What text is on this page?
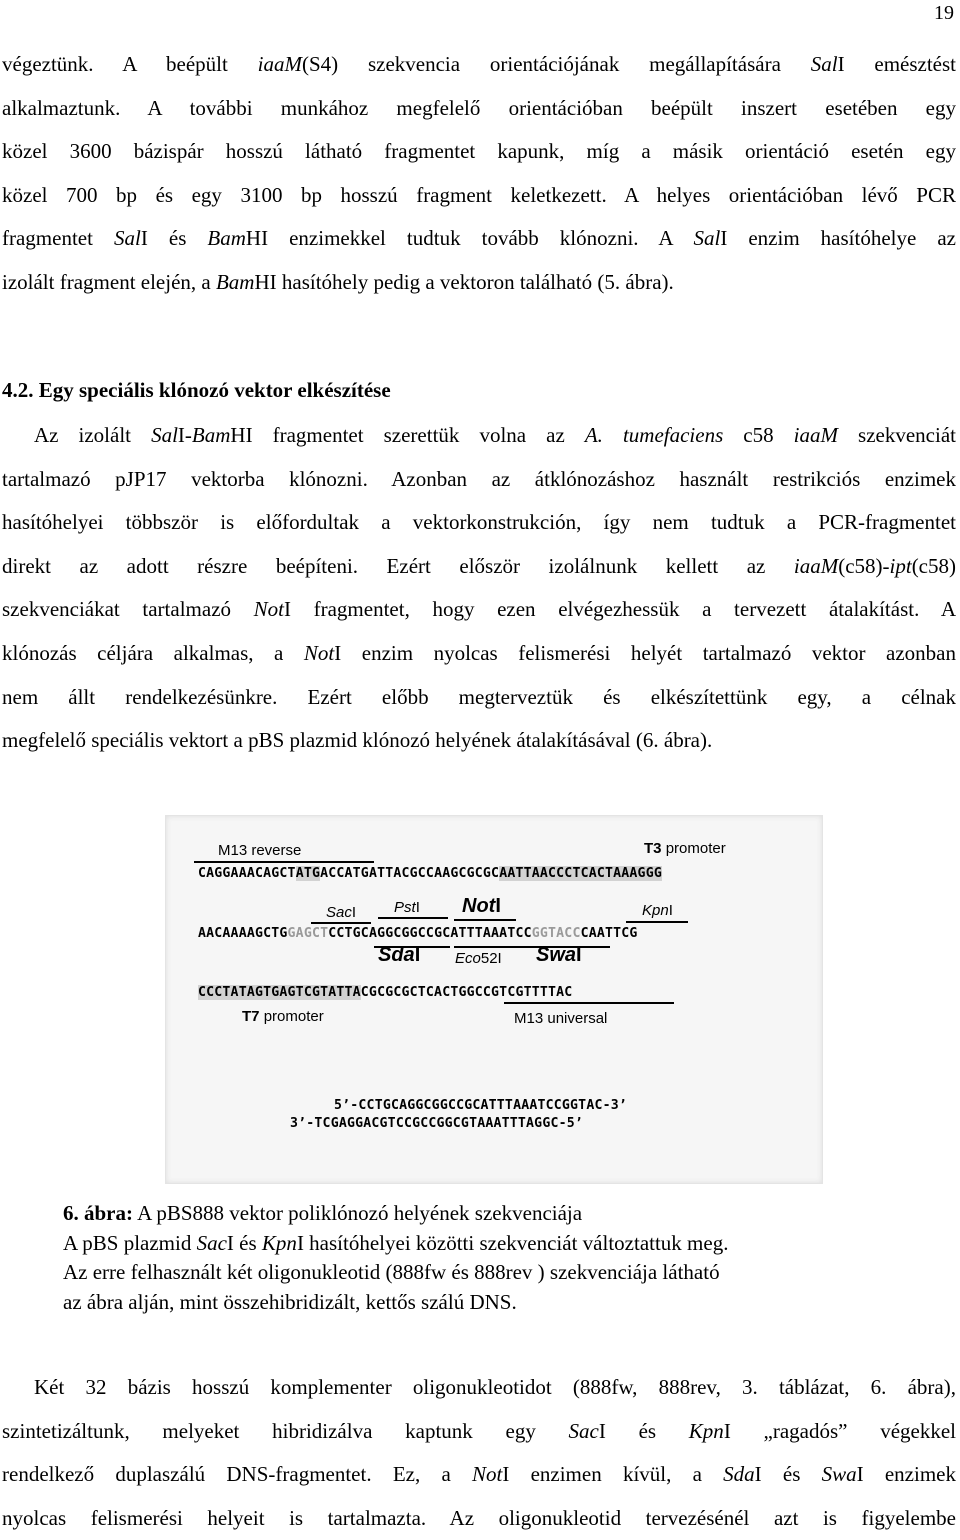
19
végeztünk. A beépült iaaM(S4) szekvencia orientációjának megállapítására SalI emésztést
alkalmaztunk. A további munkához megfelelő orientációban beépült inszert esetében egy
közel 3600 bázispár hosszú látható fragmentet kapunk, míg a másik orientáció esetén egy
közel 700 bp és egy 3100 bp hosszú fragment keletkezett. A helyes orientációban lévő PCR
fragmentet SalI és BamHI enzimekkel tudtuk tovább klónozni. A SalI enzim hasítóhelye az
izolált fragment elején, a BamHI hasítóhely pedig a vektoron található (5. ábra).
4.2. Egy speciális klónozó vektor elkészítése
Az izolált SalI-BamHI fragmentet szerettük volna az A. tumefaciens c58 iaaM szekvenciát
tartalmazó pJP17 vektorba klónozni. Azonban az átklónozáshoz használt restrikciós enzimek
hasítóhelyei többször is előfordultak a vektorkonstrukción, így nem tudtuk a PCR-fragmentet
direkt az adott részre beépíteni. Ezért először izolálnunk kellett az iaaM(c58)-ipt(c58)
szekvenciákat tartalmazó NotI fragmentet, hogy ezen elvégezhessük a tervezett átalakítást. A
klónozás céljára alkalmas, a NotI enzim nyolcas felismerési helyét tartalmazó vektor azonban
nem állt rendelkezésünkre. Ezért előbb megterveztük és elkészítettünk egy, a célnak
megfelelő speciális vektort a pBS plazmid klónozó helyének átalakításával (6. ábra).
M13 reverse	T3 promoter
CAGGAAACAGCTATGACCATGATTACGCCAAGCGCGCAATTAACCCTCACTAAAGGG
SacI	PstI NotI	KpnI
AACAAAAGCTGGAGCTCCTGCAGGCGGCCGCATTTAAATCCGGTACCCAATTCG
SdaI Eco52I SwaI
CCCTATAGTGAGTCGTATTACGCGCGCTCACTGGCCGTCGTTTTAC
T7 promoter	M13 universal
5’-CCTGCAGGCGGCCGCATTTAAATCCGGTAC-3’
3’-TCGAGGACGTCCGCCGGCGTAAATTTAGGC-5’
6. ábra: A pBS888 vektor poliklónozó helyének szekvenciája
A pBS plazmid SacI és KpnI hasítóhelyei közötti szekvenciát változtattuk meg.
Az erre felhasznált két oligonukleotid (888fw és 888rev ) szekvenciája látható
az ábra alján, mint összehibridizált, kettős szálú DNS.
Két 32 bázis hosszú komplementer oligonukleotidot (888fw, 888rev, 3. táblázat, 6. ábra),
szintetizáltunk, melyeket hibridizálva kaptunk egy SacI és KpnI „ragadós” végekkel
rendelkező duplaszálú DNS-fragmentet. Ez, a NotI enzimen kívül, a SdaI és SwaI enzimek
nyolcas felismerési helyeit is tartalmazta. Az oligonukleotid tervezésénél azt is figyelembe
